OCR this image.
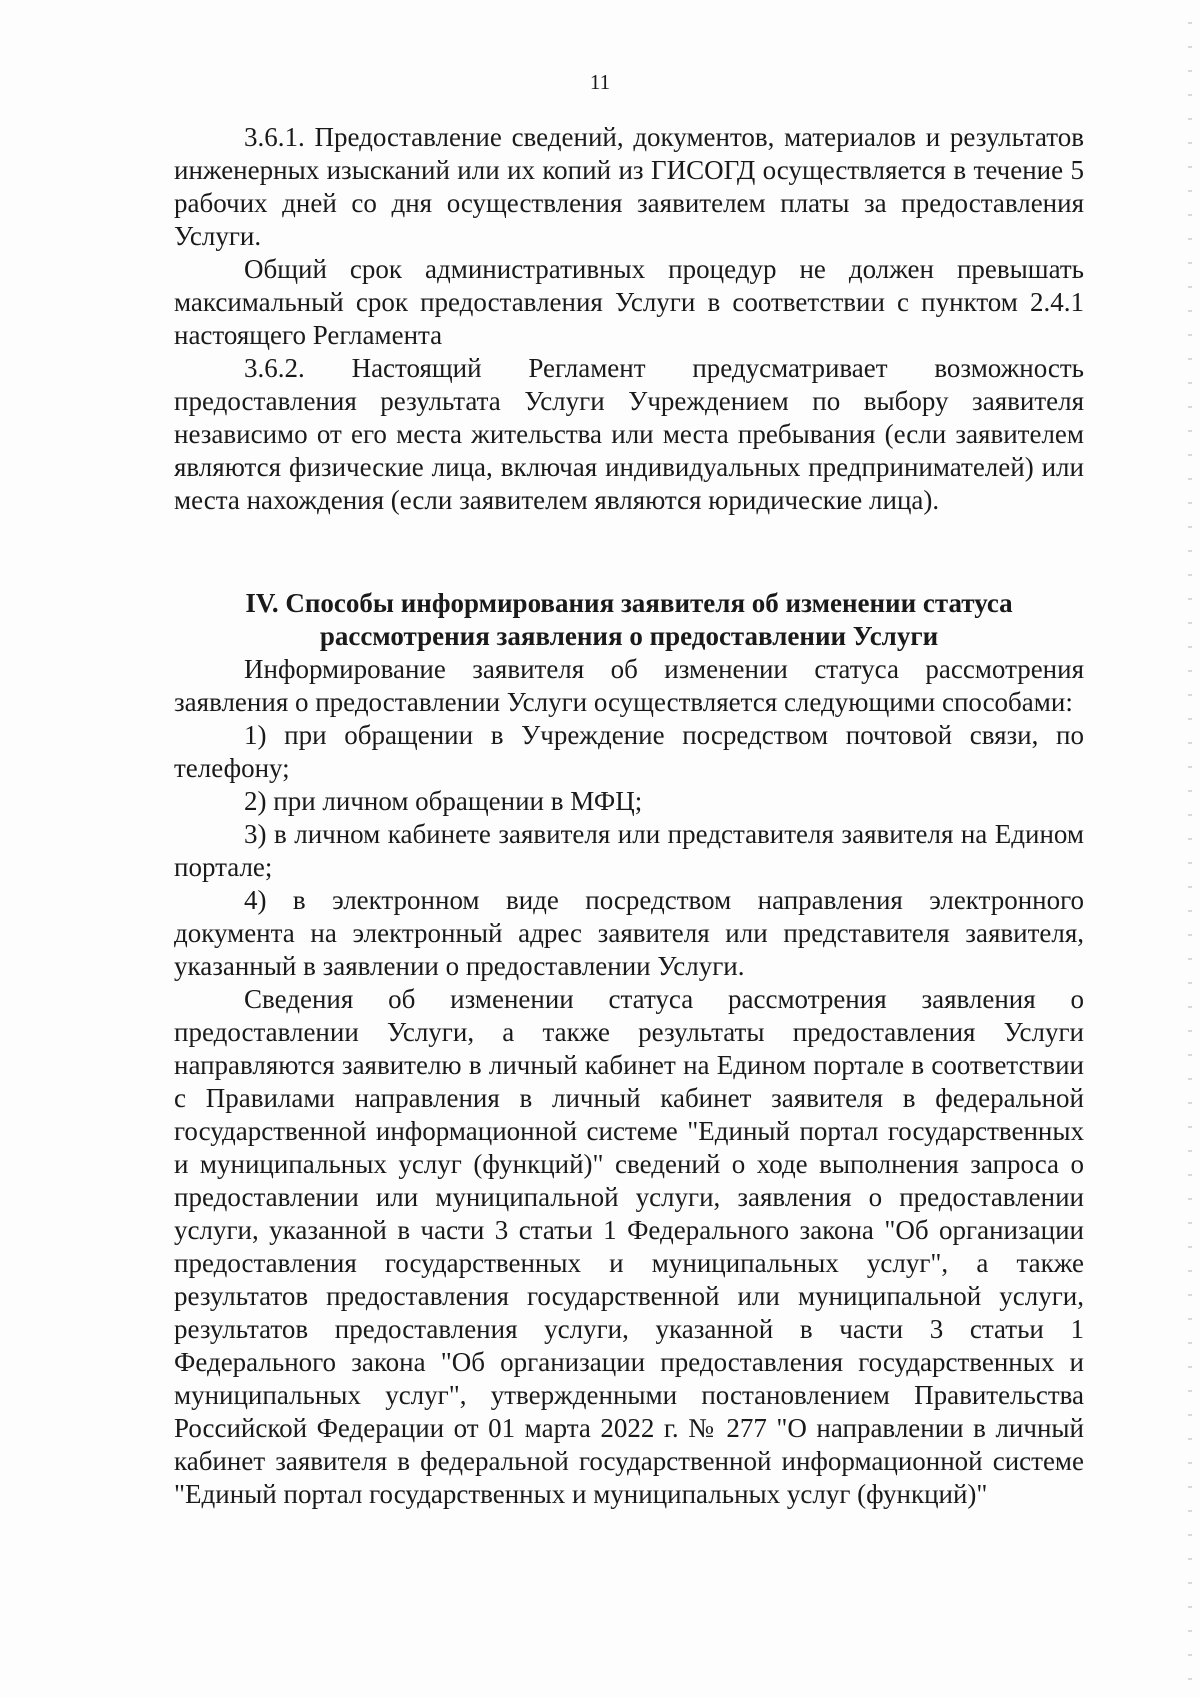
11

3.6.1. Предоставление сведений, документов, материалов и результатов инженерных изысканий или их копий из ГИСОГД осуществляется в течение 5 рабочих дней со дня осуществления заявителем платы за предоставления Услуги.

Общий срок административных процедур не должен превышать максимальный срок предоставления Услуги в соответствии с пунктом 2.4.1 настоящего Регламента

3.6.2. Настоящий Регламент предусматривает возможность предоставления результата Услуги Учреждением по выбору заявителя независимо от его места жительства или места пребывания (если заявителем являются физические лица, включая индивидуальных предпринимателей) или места нахождения (если заявителем являются юридические лица).

IV. Способы информирования заявителя об изменении статуса
рассмотрения заявления о предоставлении Услуги

Информирование заявителя об изменении статуса рассмотрения заявления о предоставлении Услуги осуществляется следующими способами:

1) при обращении в Учреждение посредством почтовой связи, по телефону;

2) при личном обращении в МФЦ;

3) в личном кабинете заявителя или представителя заявителя на Едином портале;

4) в электронном виде посредством направления электронного документа на электронный адрес заявителя или представителя заявителя, указанный в заявлении о предоставлении Услуги.

Сведения об изменении статуса рассмотрения заявления о предоставлении Услуги, а также результаты предоставления Услуги направляются заявителю в личный кабинет на Едином портале в соответствии с Правилами направления в личный кабинет заявителя в федеральной государственной информационной системе "Единый портал государственных и муниципальных услуг (функций)" сведений о ходе выполнения запроса о предоставлении или муниципальной услуги, заявления о предоставлении услуги, указанной в части 3 статьи 1 Федерального закона "Об организации предоставления государственных и муниципальных услуг", а также результатов предоставления государственной или муниципальной услуги, результатов предоставления услуги, указанной в части 3 статьи 1 Федерального закона "Об организации предоставления государственных и муниципальных услуг", утвержденными постановлением Правительства Российской Федерации от 01 марта 2022 г. № 277 "О направлении в личный кабинет заявителя в федеральной государственной информационной системе "Единый портал государственных и муниципальных услуг (функций)"
